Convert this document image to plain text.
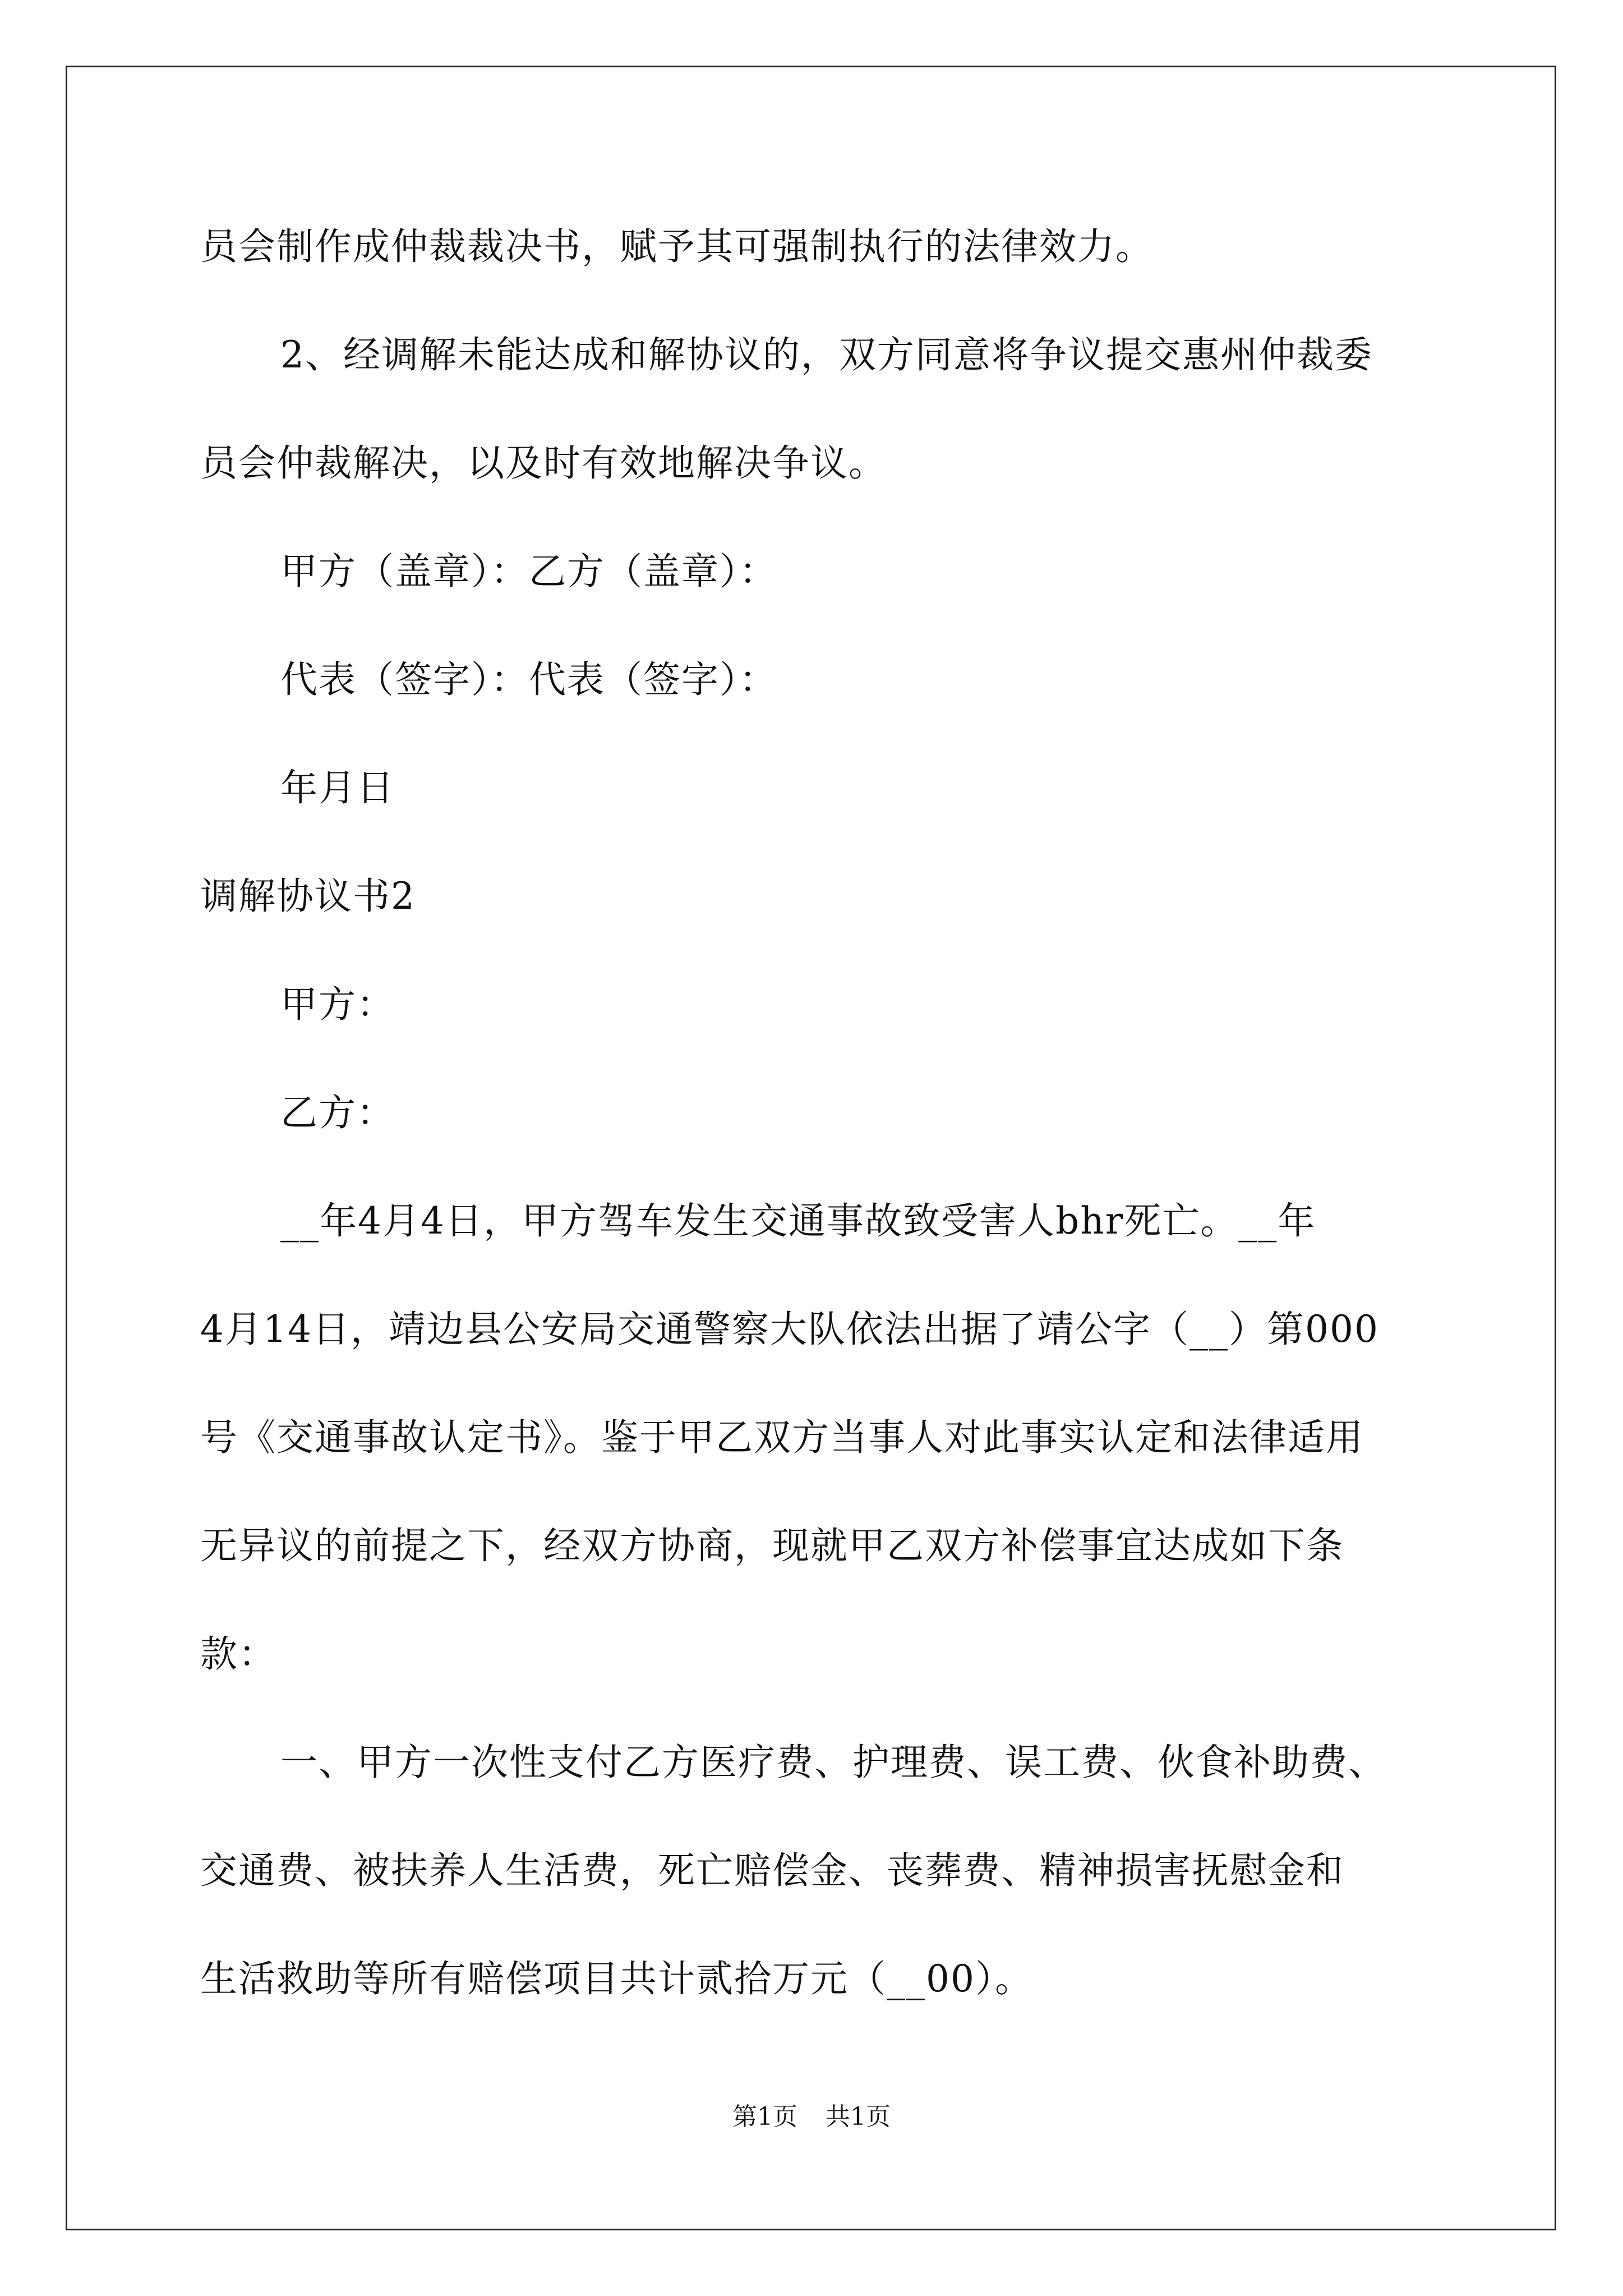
员会制作成仲裁裁决书，赋予其可强制执行的法律效力。
2、经调解未能达成和解协议的，双方同意将争议提交惠州仲裁委
员会仲裁解决，以及时有效地解决争议。
甲方（盖章）：乙方（盖章）：
代表（签字）：代表（签字）：
年月日
调解协议书2
甲方：
乙方：
__年4月4日，甲方驾车发生交通事故致受害人bhr死亡。__年
4月14日，靖边县公安局交通警察大队依法出据了靖公字（__）第000
号《交通事故认定书》。鉴于甲乙双方当事人对此事实认定和法律适用
无异议的前提之下，经双方协商，现就甲乙双方补偿事宜达成如下条
款：
一、甲方一次性支付乙方医疗费、护理费、误工费、伙食补助费、
交通费、被扶养人生活费，死亡赔偿金、丧葬费、精神损害抚慰金和
生活救助等所有赔偿项目共计贰拾万元（__00）。
第1页 共1页
